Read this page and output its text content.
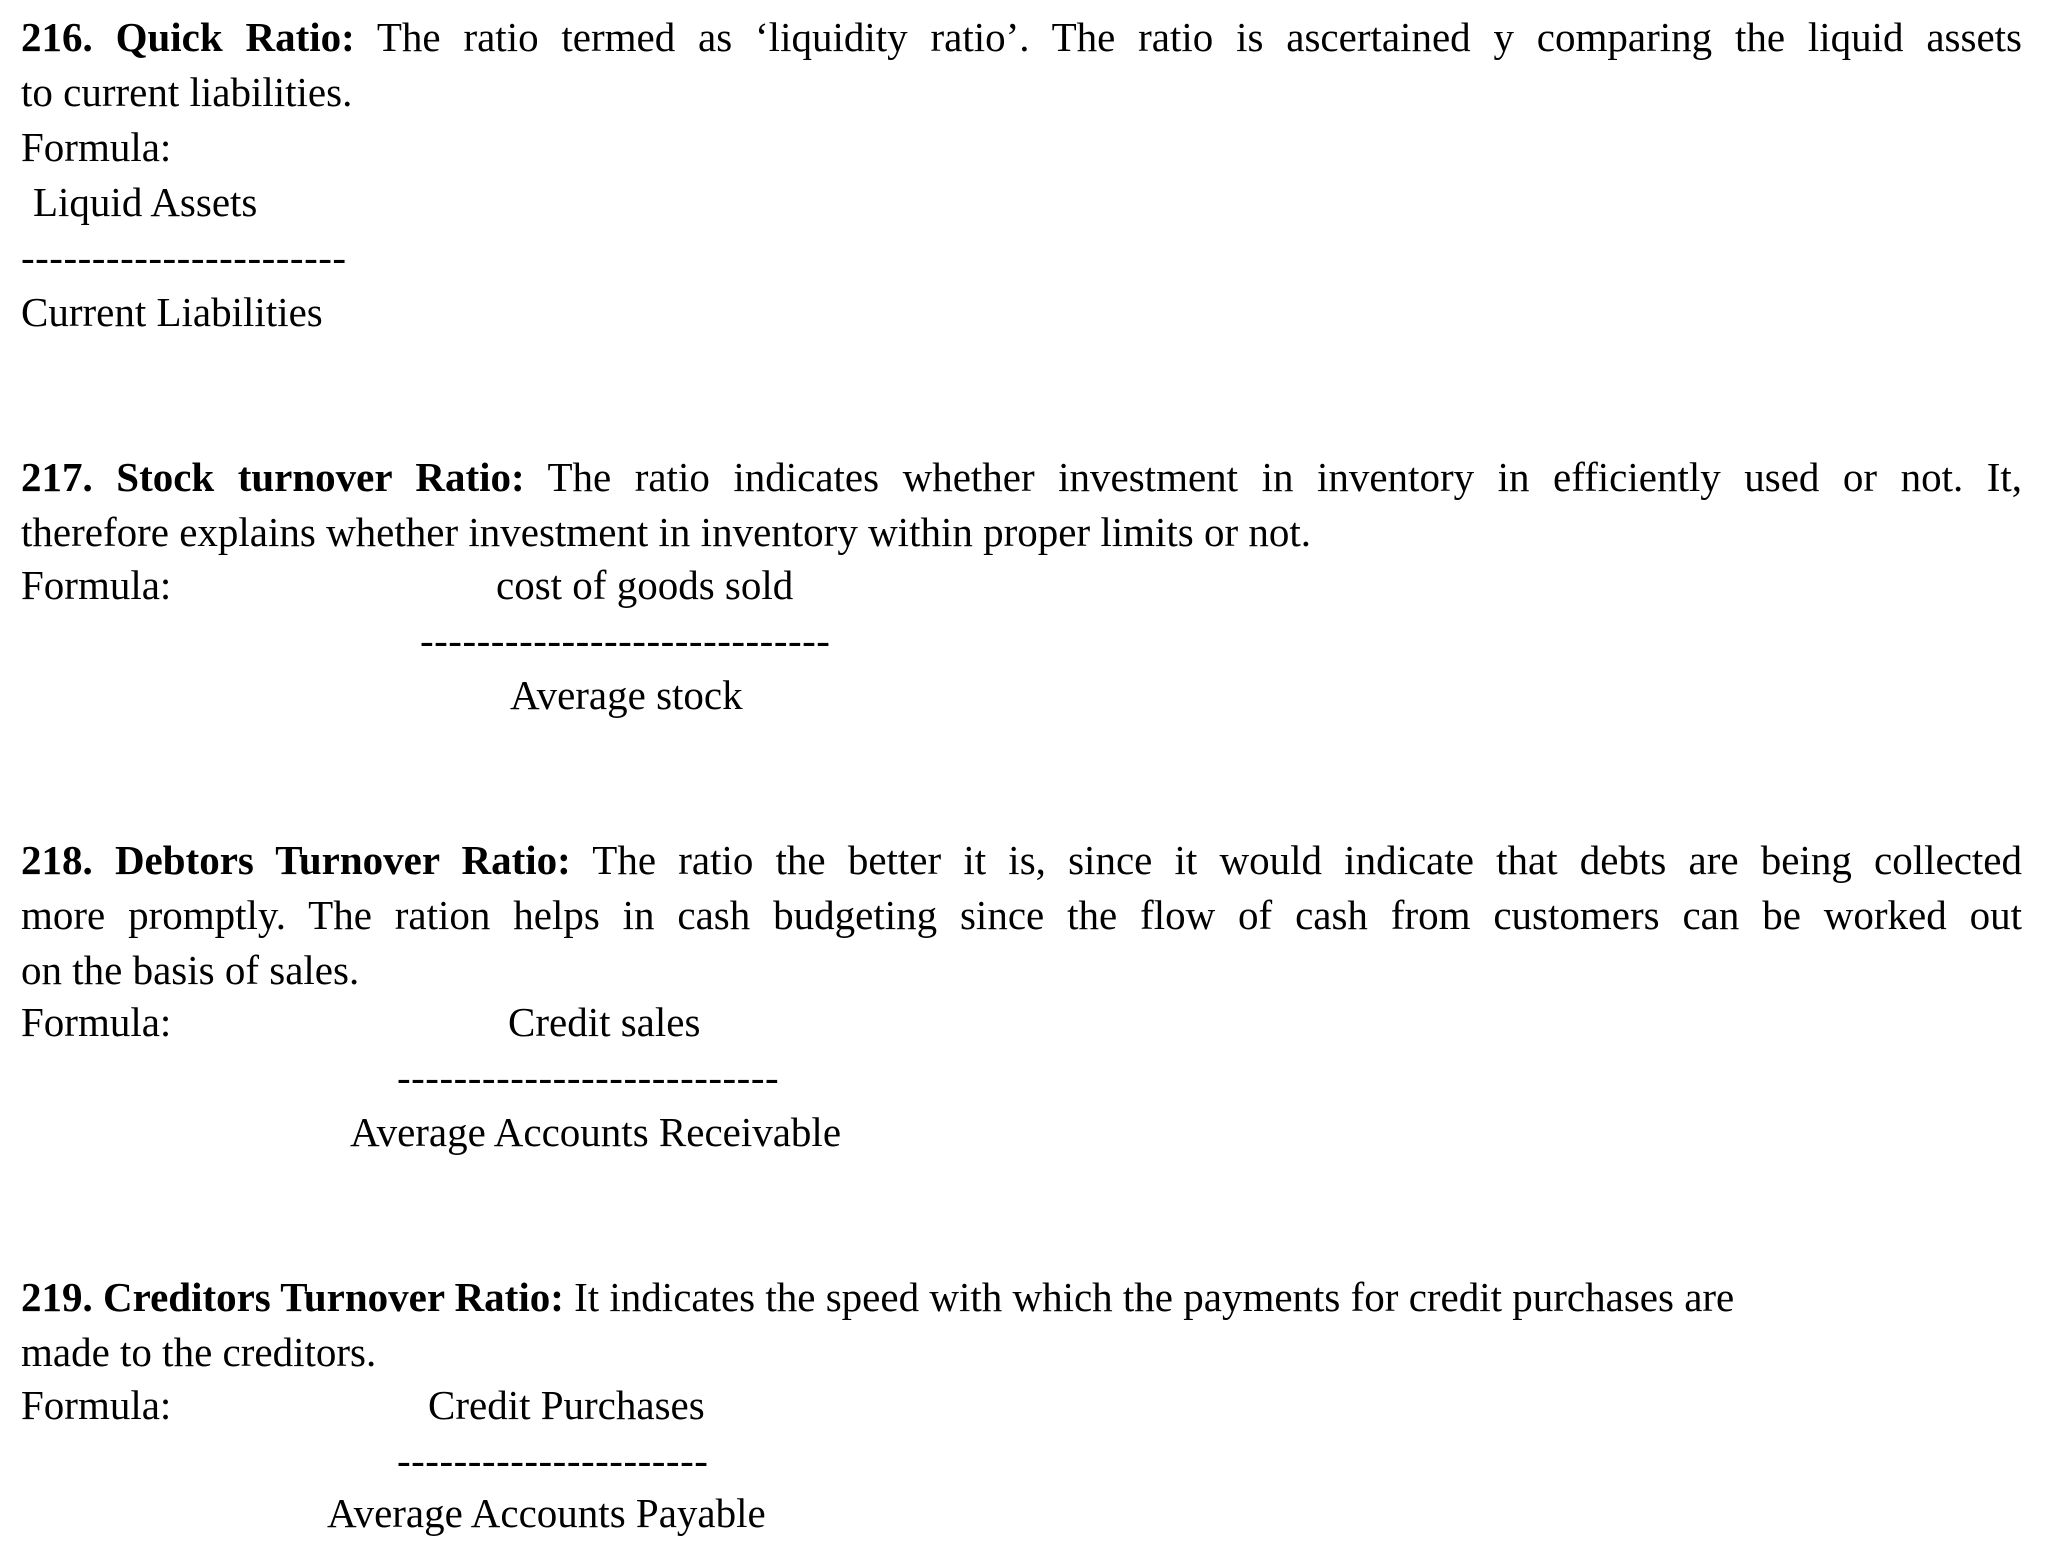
216. Quick Ratio: The ratio termed as ‘liquidity ratio’. The ratio is ascertained y comparing the liquid assets
to current liabilities.
Formula:
Liquid Assets
-----------------------
Current Liabilities
217. Stock turnover Ratio: The ratio indicates whether investment in inventory in efficiently used or not. It,
therefore explains whether investment in inventory within proper limits or not.
Formula:	cost of goods sold
-----------------------------
Average stock
218. Debtors Turnover Ratio: The ratio the better it is, since it would indicate that debts are being collected
more promptly. The ration helps in cash budgeting since the flow of cash from customers can be worked out
on the basis of sales.
Formula:	Credit sales
---------------------------
Average Accounts Receivable
219. Creditors Turnover Ratio: It indicates the speed with which the payments for credit purchases are
made to the creditors.
Formula:	Credit Purchases
----------------------
Average Accounts Payable
